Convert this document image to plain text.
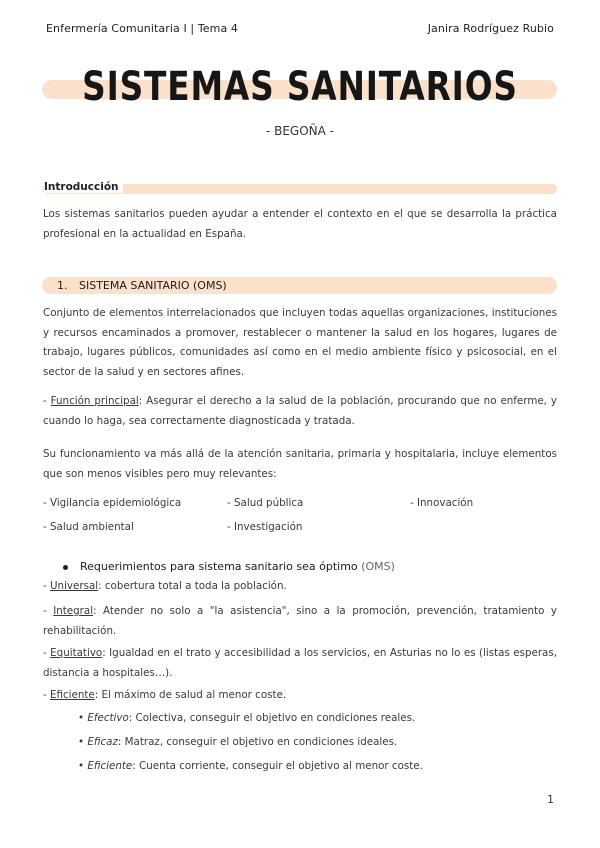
Enfermería Comunitaria I | Tema 4	Janira Rodríguez Rubio
SISTEMAS SANITARIOS
- BEGOÑA -
Introducción
Los sistemas sanitarios pueden ayudar a entender el contexto en el que se desarrolla la práctica profesional en la actualidad en España.
1. SISTEMA SANITARIO (OMS)
Conjunto de elementos interrelacionados que incluyen todas aquellas organizaciones, instituciones y recursos encaminados a promover, restablecer o mantener la salud en los hogares, lugares de trabajo, lugares públicos, comunidades así como en el medio ambiente físico y psicosocial, en el sector de la salud y en sectores afines.
- Función principal: Asegurar el derecho a la salud de la población, procurando que no enferme, y cuando lo haga, sea correctamente diagnosticada y tratada.
Su funcionamiento va más allá de la atención sanitaria, primaria y hospitalaria, incluye elementos que son menos visibles pero muy relevantes:
- Vigilancia epidemiológica	- Salud pública	- Innovación
- Salud ambiental	- Investigación
Requerimientos para sistema sanitario sea óptimo (OMS)
- Universal: cobertura total a toda la población.
- Integral: Atender no solo a "la asistencia", sino a la promoción, prevención, tratamiento y rehabilitación.
- Equitativo: Igualdad en el trato y accesibilidad a los servicios, en Asturias no lo es (listas esperas, distancia a hospitales…).
- Eficiente: El máximo de salud al menor coste.
• Efectivo: Colectiva, conseguir el objetivo en condiciones reales.
• Eficaz: Matraz, conseguir el objetivo en condiciones ideales.
• Eficiente: Cuenta corriente, conseguir el objetivo al menor coste.
1
